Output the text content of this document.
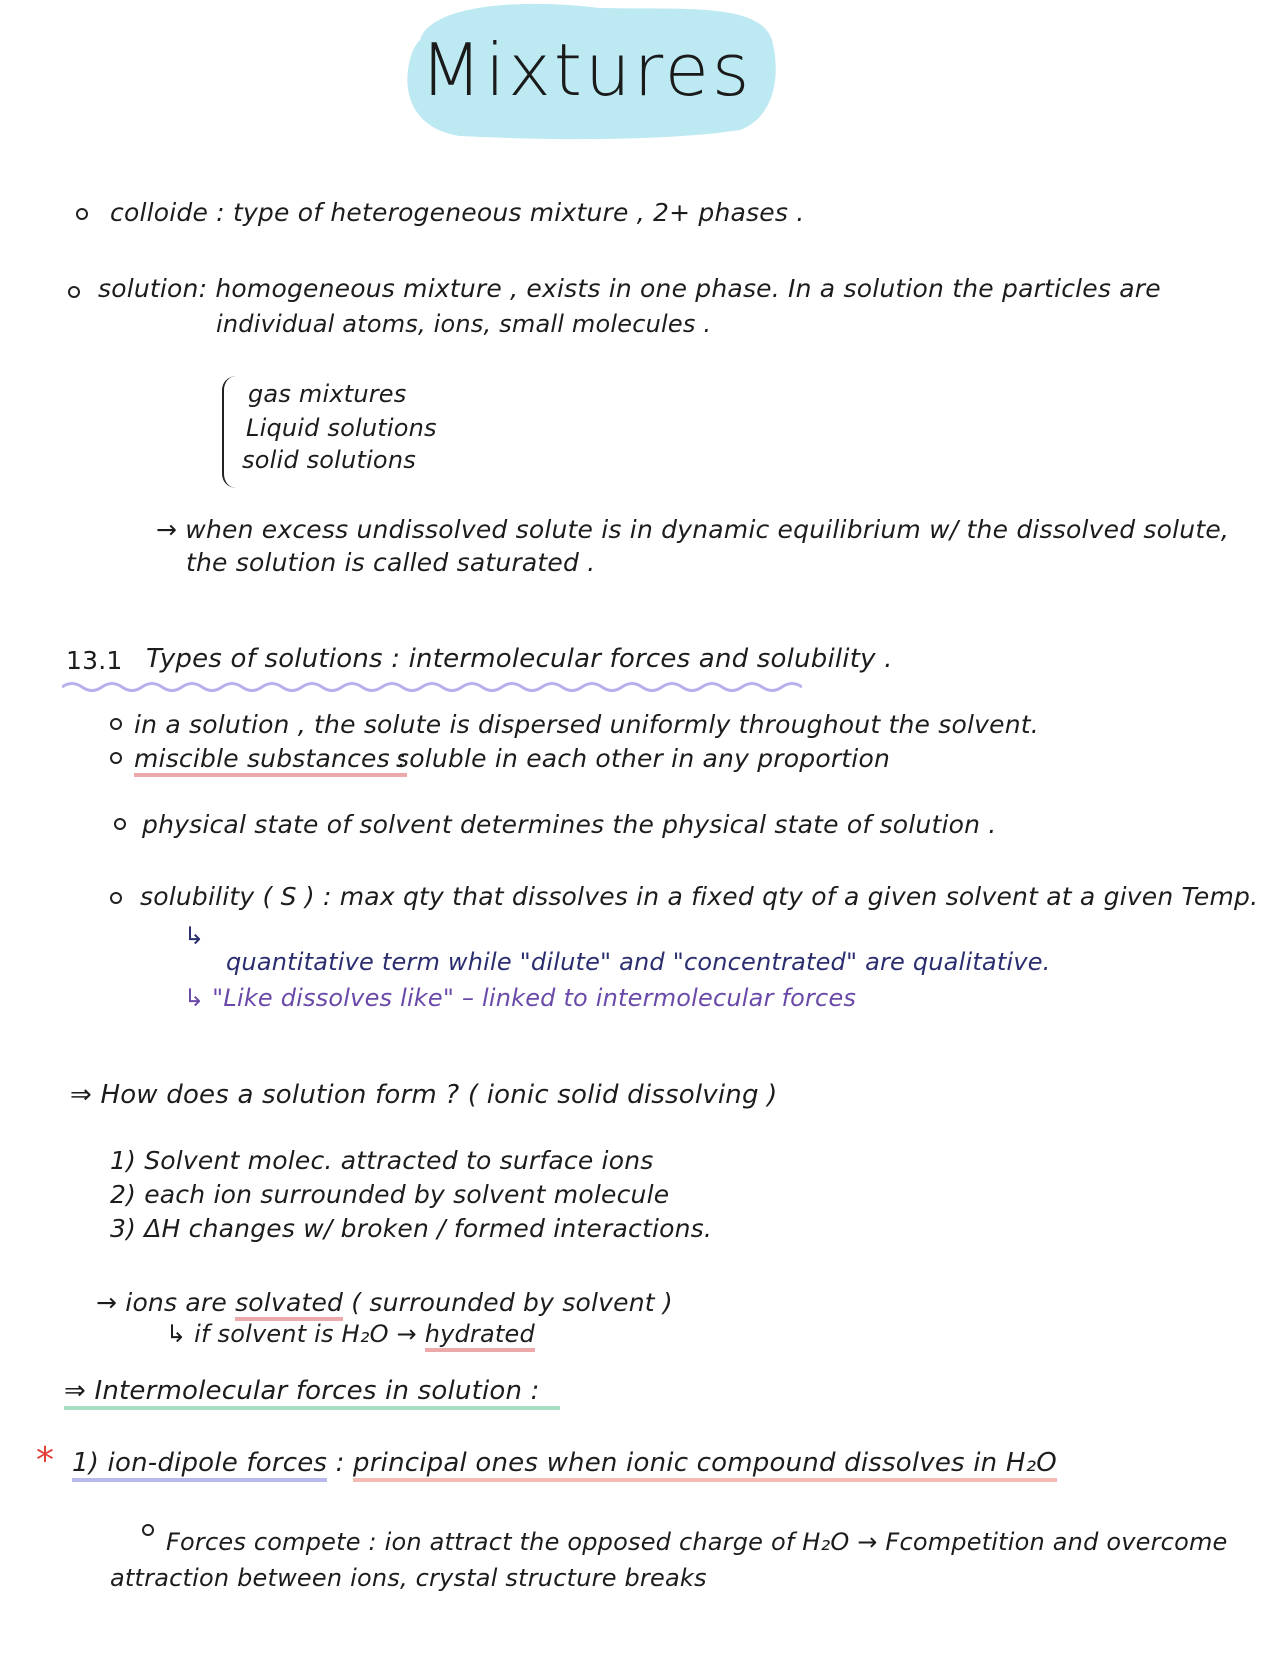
Mixtures
colloide : type of heterogeneous mixture , 2+ phases .
solution: homogeneous mixture , exists in one phase. In a solution the particles are
individual atoms, ions, small molecules .
gas mixtures
Liquid solutions
solid solutions
→ when excess undissolved solute is in dynamic equilibrium w/ the dissolved solute,
the solution is called saturated .
13.1 Types of solutions : intermolecular forces and solubility .
in a solution , the solute is dispersed uniformly throughout the solvent.
miscible substances :
soluble in each other in any proportion
physical state of solvent determines the physical state of solution .
solubility ( S ) : max qty that dissolves in a fixed qty of a given solvent at a given Temp.
↳
quantitative term while "dilute" and "concentrated" are qualitative.
↳ "Like dissolves like" – linked to intermolecular forces
⇒ How does a solution form ? ( ionic solid dissolving )
1) Solvent molec. attracted to surface ions
2) each ion surrounded by solvent molecule
3) ΔH changes w/ broken / formed interactions.
→ ions are solvated ( surrounded by solvent )
↳ if solvent is H₂O → hydrated
⇒ Intermolecular forces in solution :
* 1) ion-dipole forces : principal ones when ionic compound dissolves in H₂O
Forces compete : ion attract the opposed charge of H₂O → Fcompetition and overcome
attraction between ions, crystal structure breaks
